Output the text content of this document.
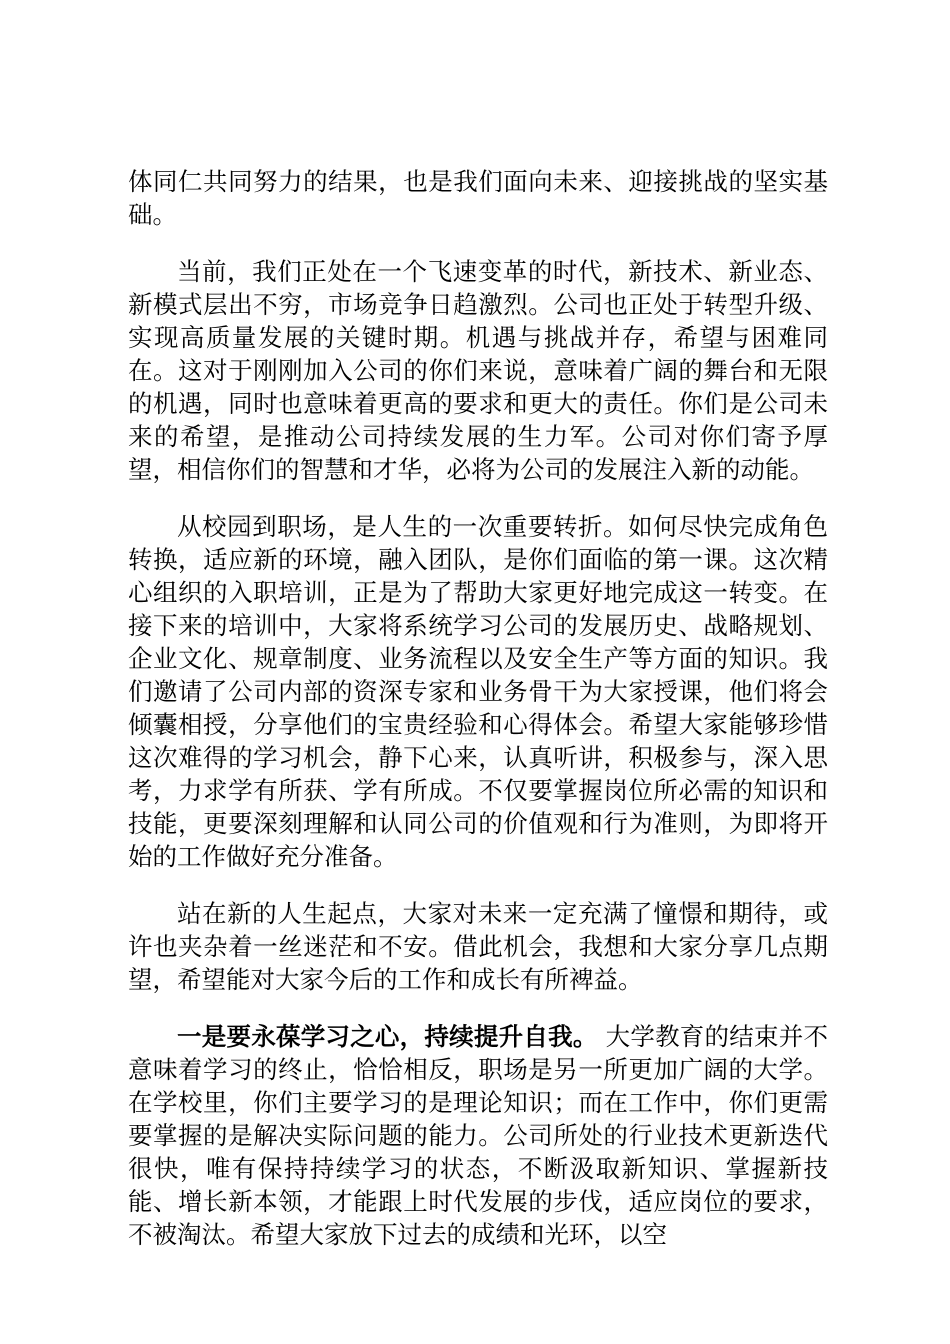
体同仁共同努力的结果，也是我们面向未来、迎接挑战的坚实基础。

当前，我们正处在一个飞速变革的时代，新技术、新业态、新模式层出不穷，市场竞争日趋激烈。公司也正处于转型升级、实现高质量发展的关键时期。机遇与挑战并存，希望与困难同在。这对于刚刚加入公司的你们来说，意味着广阔的舞台和无限的机遇，同时也意味着更高的要求和更大的责任。你们是公司未来的希望，是推动公司持续发展的生力军。公司对你们寄予厚望，相信你们的智慧和才华，必将为公司的发展注入新的动能。

从校园到职场，是人生的一次重要转折。如何尽快完成角色转换，适应新的环境，融入团队，是你们面临的第一课。这次精心组织的入职培训，正是为了帮助大家更好地完成这一转变。在接下来的培训中，大家将系统学习公司的发展历史、战略规划、企业文化、规章制度、业务流程以及安全生产等方面的知识。我们邀请了公司内部的资深专家和业务骨干为大家授课，他们将会倾囊相授，分享他们的宝贵经验和心得体会。希望大家能够珍惜这次难得的学习机会，静下心来，认真听讲，积极参与，深入思考，力求学有所获、学有所成。不仅要掌握岗位所必需的知识和技能，更要深刻理解和认同公司的价值观和行为准则，为即将开始的工作做好充分准备。

站在新的人生起点，大家对未来一定充满了憧憬和期待，或许也夹杂着一丝迷茫和不安。借此机会，我想和大家分享几点期望，希望能对大家今后的工作和成长有所裨益。

一是要永葆学习之心，持续提升自我。 大学教育的结束并不意味着学习的终止，恰恰相反，职场是另一所更加广阔的大学。在学校里，你们主要学习的是理论知识；而在工作中，你们更需要掌握的是解决实际问题的能力。公司所处的行业技术更新迭代很快，唯有保持持续学习的状态，不断汲取新知识、掌握新技能、增长新本领，才能跟上时代发展的步伐，适应岗位的要求，不被淘汰。希望大家放下过去的成绩和光环，以空
